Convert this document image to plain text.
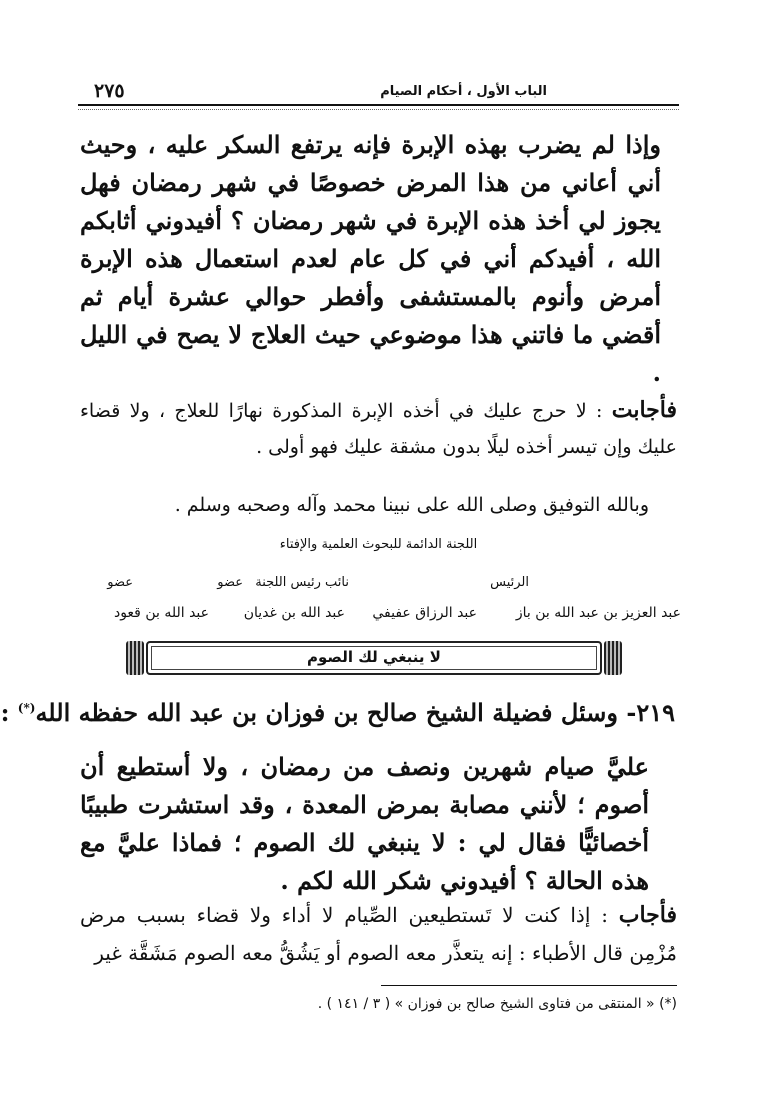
الباب الأول ، أحكام الصيام
٢٧٥
وإذا لم يضرب بهذه الإبرة فإنه يرتفع السكر عليه ، وحيث أني أعاني من هذا المرض خصوصًا في شهر رمضان فهل يجوز لي أخذ هذه الإبرة في شهر رمضان ؟ أفيدوني أثابكم الله ، أفيدكم أني في كل عام لعدم استعمال هذه الإبرة أمرض وأنوم بالمستشفى وأفطر حوالي عشرة أيام ثم أقضي ما فاتني هذا موضوعي حيث العلاج لا يصح في الليل .
فأجابت : لا حرج عليك في أخذه الإبرة المذكورة نهارًا للعلاج ، ولا قضاء عليك وإن تيسر أخذه ليلًا بدون مشقة عليك فهو أولى .
وبالله التوفيق وصلى الله على نبينا محمد وآله وصحبه وسلم .
اللجنة الدائمة للبحوث العلمية والإفتاء
الرئيس
نائب رئيس اللجنة
عضو
عضو
عبد العزيز بن عبد الله بن باز
عبد الرزاق عفيفي
عبد الله بن غديان
عبد الله بن قعود
لا ينبغي لك الصوم
٢١٩- وسئل فضيلة الشيخ صالح بن فوزان بن عبد الله حفظه الله(*) :
عليَّ صيام شهرين ونصف من رمضان ، ولا أستطيع أن أصوم ؛ لأنني مصابة بمرض المعدة ، وقد استشرت طبيبًا أخصائيًّا فقال لي : لا ينبغي لك الصوم ؛ فماذا عليَّ مع هذه الحالة ؟ أفيدوني شكر الله لكم .
فأجاب : إذا كنت لا تَستطيعين الصِّيام لا أداء ولا قضاء بسبب مرض مُزْمِن قال الأطباء : إنه يتعذَّر معه الصوم أو يَشُقُّ معه الصوم مَشَقَّة غير
(*) « المنتقى من فتاوى الشيخ صالح بن فوزان » ( ٣ / ١٤١ ) .
